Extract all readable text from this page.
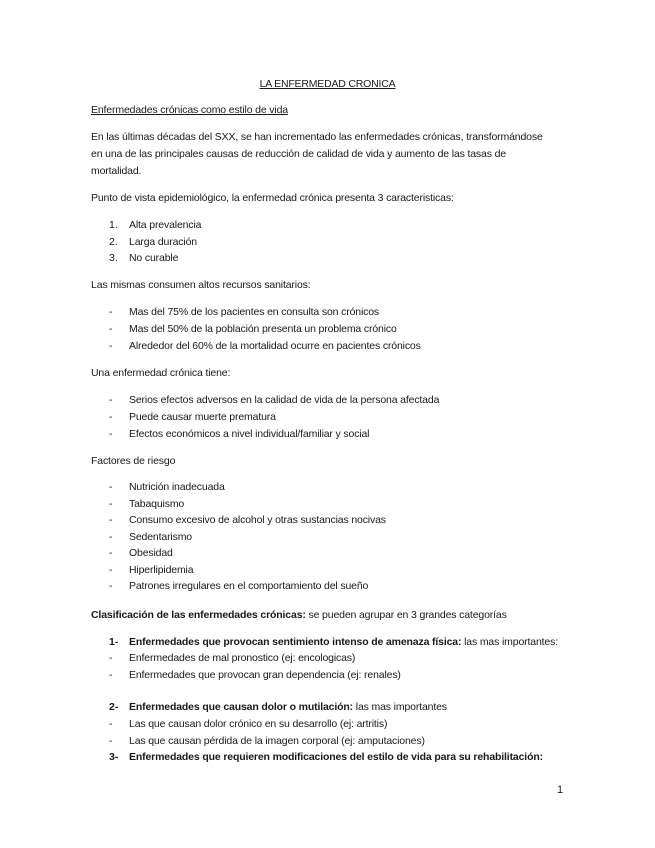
LA ENFERMEDAD CRONICA
Enfermedades crónicas como estilo de vida
En las últimas décadas del SXX, se han incrementado las enfermedades crónicas, transformándose
en una de las principales causas de reducción de calidad de vida y aumento de las tasas de
mortalidad.
Punto de vista epidemiológico, la enfermedad crónica presenta 3 caracteristicas:
1. Alta prevalencia
2. Larga duración
3. No curable
Las mismas consumen altos recursos sanitarios:
- Mas del 75% de los pacientes en consulta son crónicos
- Mas del 50% de la población presenta un problema crónico
- Alrededor del 60% de la mortalidad ocurre en pacientes crónicos
Una enfermedad crónica tiene:
- Serios efectos adversos en la calidad de vida de la persona afectada
- Puede causar muerte prematura
- Efectos económicos a nivel individual/familiar y social
Factores de riesgo
- Nutrición inadecuada
- Tabaquismo
- Consumo excesivo de alcohol y otras sustancias nocivas
- Sedentarismo
- Obesidad
- Hiperlipidemia
- Patrones irregulares en el comportamiento del sueño
Clasificación de las enfermedades crónicas: se pueden agrupar en 3 grandes categorías
1- Enfermedades que provocan sentimiento intenso de amenaza física: las mas importantes:
- Enfermedades de mal pronostico (ej: encologicas)
- Enfermedades que provocan gran dependencia (ej: renales)
2- Enfermedades que causan dolor o mutilación: las mas importantes
- Las que causan dolor crónico en su desarrollo (ej: artritis)
- Las que causan pérdida de la imagen corporal (ej: amputaciones)
3- Enfermedades que requieren modificaciones del estilo de vida para su rehabilitación:
1
